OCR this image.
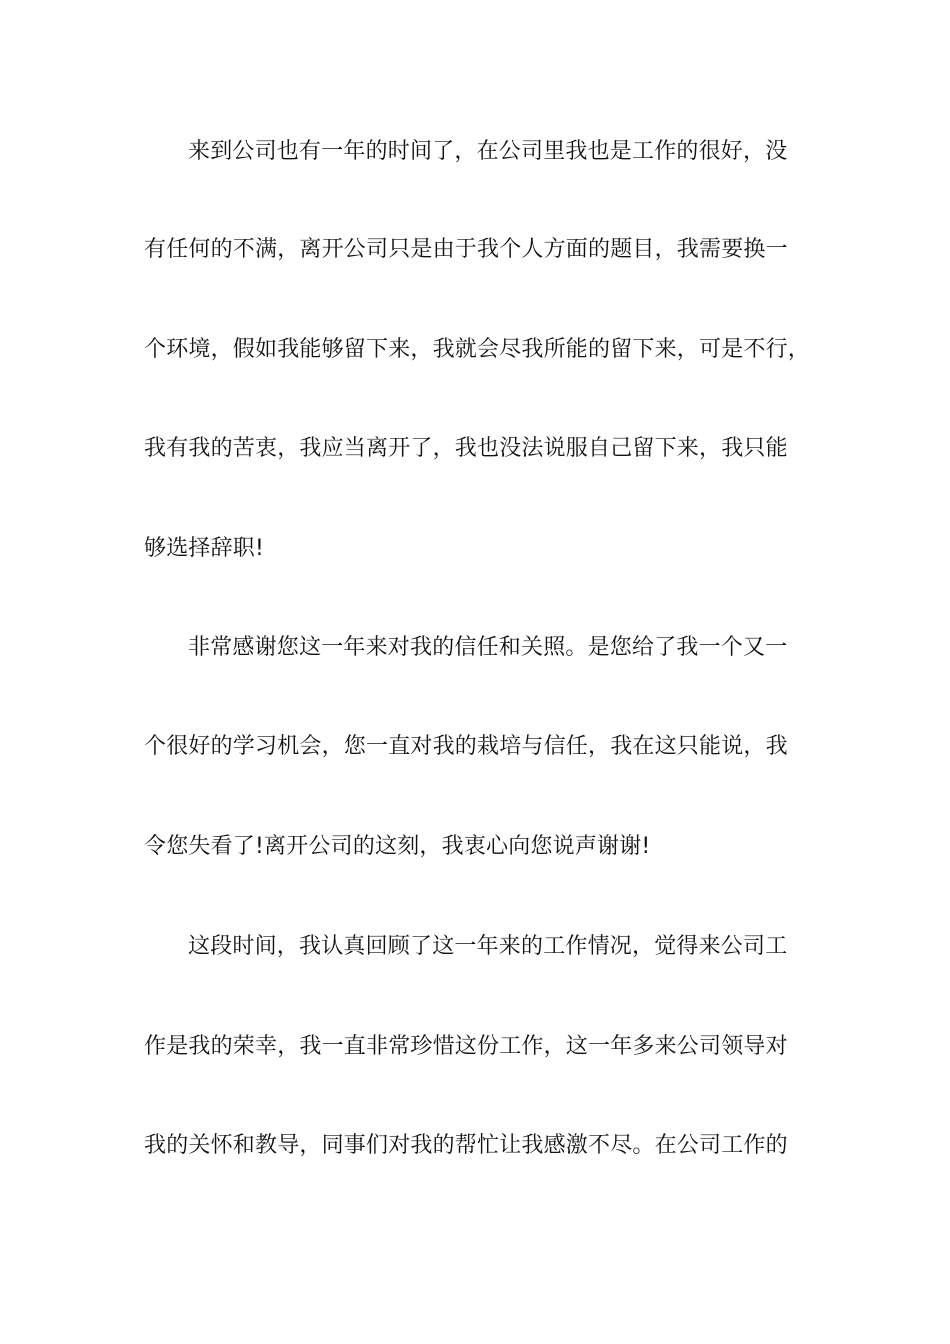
来到公司也有一年的时间了，在公司里我也是工作的很好，没
有任何的不满，离开公司只是由于我个人方面的题目，我需要换一
个环境，假如我能够留下来，我就会尽我所能的留下来，可是不行，
我有我的苦衷，我应当离开了，我也没法说服自己留下来，我只能
够选择辞职!
非常感谢您这一年来对我的信任和关照。是您给了我一个又一
个很好的学习机会，您一直对我的栽培与信任，我在这只能说，我
令您失看了!离开公司的这刻，我衷心向您说声谢谢!
这段时间，我认真回顾了这一年来的工作情况，觉得来公司工
作是我的荣幸，我一直非常珍惜这份工作，这一年多来公司领导对
我的关怀和教导，同事们对我的帮忙让我感激不尽。在公司工作的
